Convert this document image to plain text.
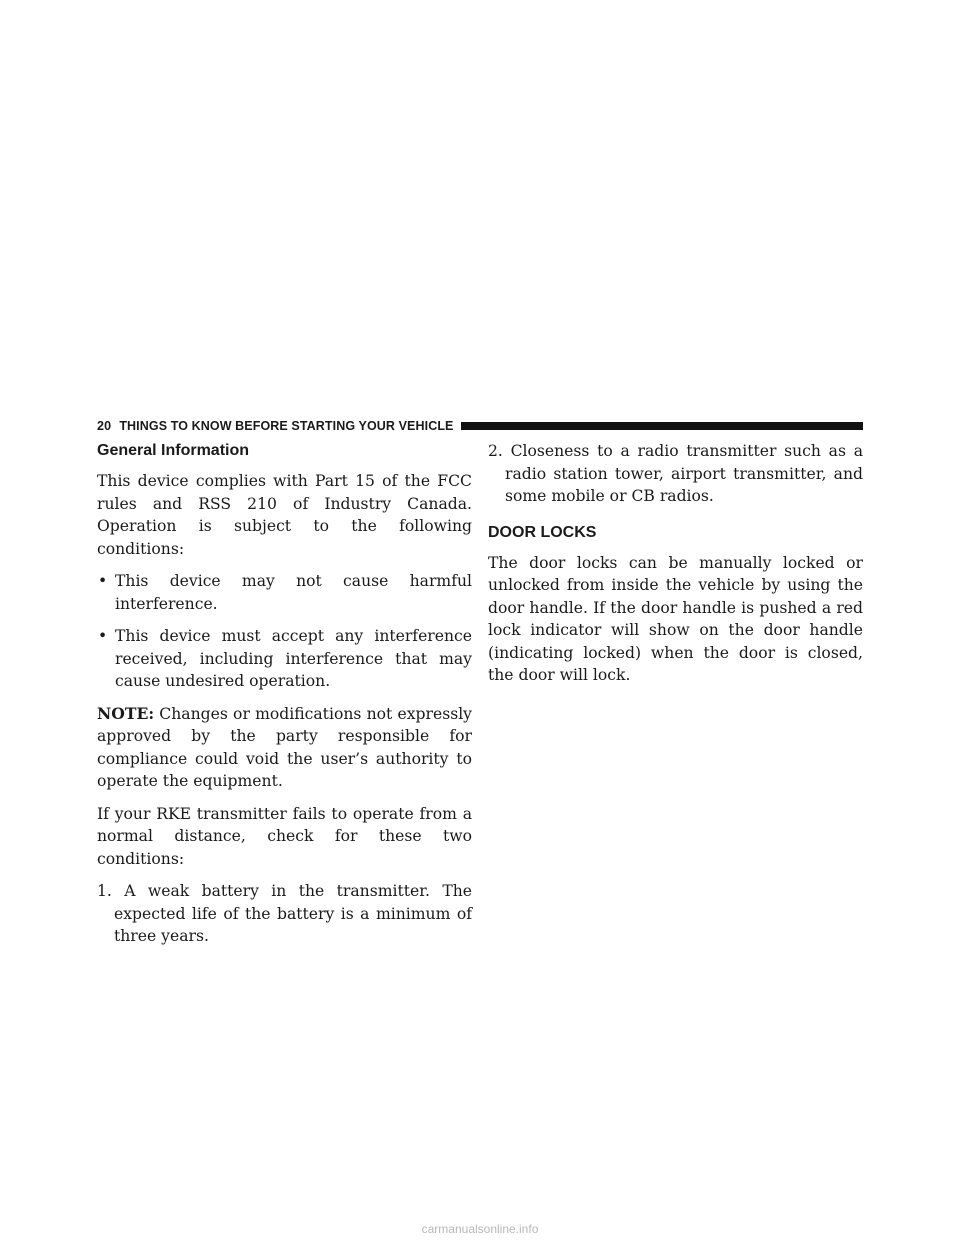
20 THINGS TO KNOW BEFORE STARTING YOUR VEHICLE
General Information

This device complies with Part 15 of the FCC rules and RSS 210 of Industry Canada. Operation is subject to the following conditions:

• This device may not cause harmful interference.
• This device must accept any interference received, including interference that may cause undesired operation.

NOTE: Changes or modifications not expressly approved by the party responsible for compliance could void the user’s authority to operate the equipment.

If your RKE transmitter fails to operate from a normal distance, check for these two conditions:

1. A weak battery in the transmitter. The expected life of the battery is a minimum of three years.
2. Closeness to a radio transmitter such as a radio station tower, airport transmitter, and some mobile or CB radios.
DOOR LOCKS

The door locks can be manually locked or unlocked from inside the vehicle by using the door handle. If the door handle is pushed a red lock indicator will show on the door handle (indicating locked) when the door is closed, the door will lock.

carmanualsonline.info
